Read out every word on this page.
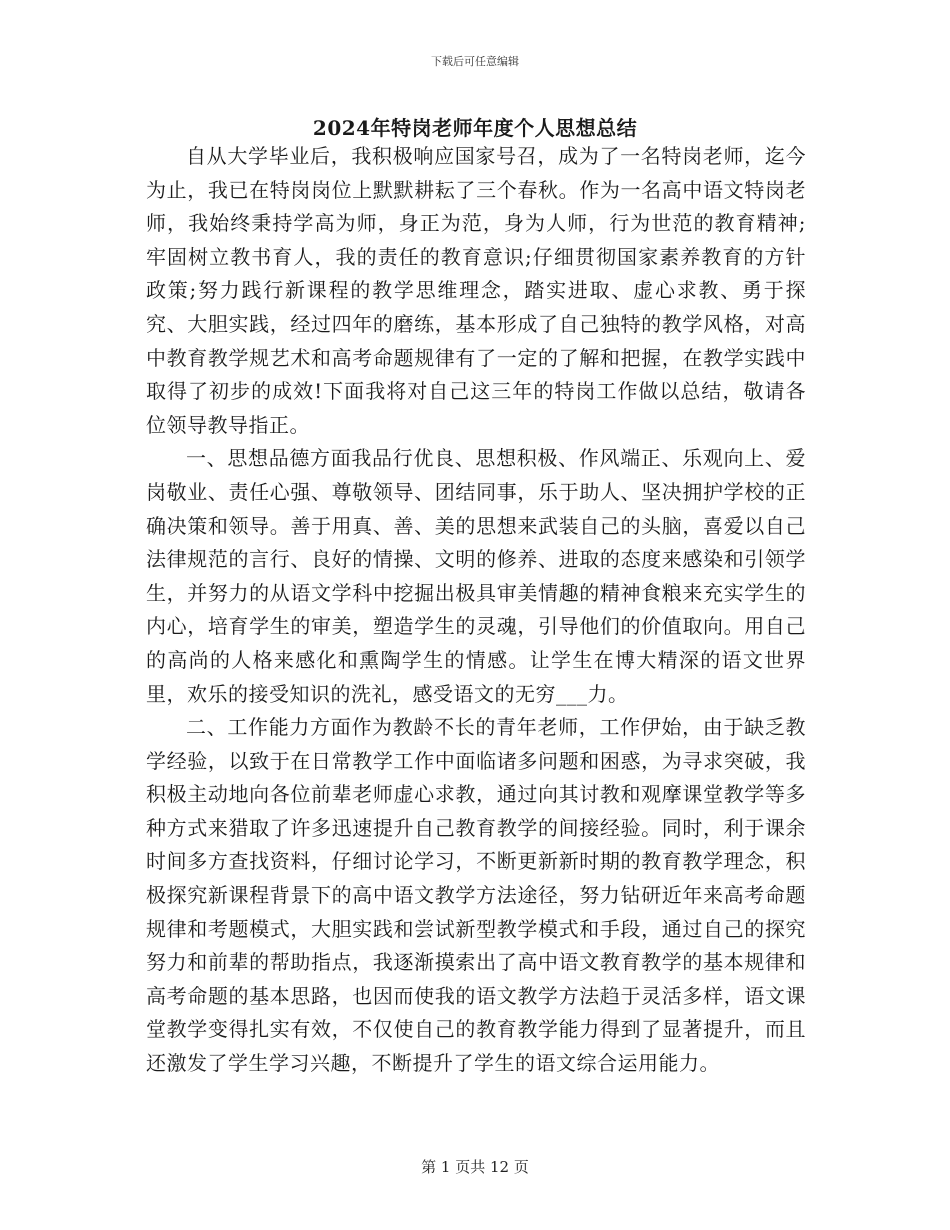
下载后可任意编辑
2024年特岗老师年度个人思想总结

自从大学毕业后，我积极响应国家号召，成为了一名特岗老师，迄今为止，我已在特岗岗位上默默耕耘了三个春秋。作为一名高中语文特岗老师，我始终秉持学高为师，身正为范，身为人师，行为世范的教育精神;牢固树立教书育人，我的责任的教育意识;仔细贯彻国家素养教育的方针政策;努力践行新课程的教学思维理念，踏实进取、虚心求教、勇于探究、大胆实践，经过四年的磨练，基本形成了自己独特的教学风格，对高中教育教学规艺术和高考命题规律有了一定的了解和把握，在教学实践中取得了初步的成效!下面我将对自己这三年的特岗工作做以总结，敬请各位领导教导指正。

一、思想品德方面我品行优良、思想积极、作风端正、乐观向上、爱岗敬业、责任心强、尊敬领导、团结同事，乐于助人、坚决拥护学校的正确决策和领导。善于用真、善、美的思想来武装自己的头脑，喜爱以自己法律规范的言行、良好的情操、文明的修养、进取的态度来感染和引领学生，并努力的从语文学科中挖掘出极具审美情趣的精神食粮来充实学生的内心，培育学生的审美，塑造学生的灵魂，引导他们的价值取向。用自己的高尚的人格来感化和熏陶学生的情感。让学生在博大精深的语文世界里，欢乐的接受知识的洗礼，感受语文的无穷___力。

二、工作能力方面作为教龄不长的青年老师，工作伊始，由于缺乏教学经验，以致于在日常教学工作中面临诸多问题和困惑，为寻求突破，我积极主动地向各位前辈老师虚心求教，通过向其讨教和观摩课堂教学等多种方式来猎取了许多迅速提升自己教育教学的间接经验。同时，利于课余时间多方查找资料，仔细讨论学习，不断更新新时期的教育教学理念，积极探究新课程背景下的高中语文教学方法途径，努力钻研近年来高考命题规律和考题模式，大胆实践和尝试新型教学模式和手段，通过自己的探究努力和前辈的帮助指点，我逐渐摸索出了高中语文教育教学的基本规律和高考命题的基本思路，也因而使我的语文教学方法趋于灵活多样，语文课堂教学变得扎实有效，不仅使自己的教育教学能力得到了显著提升，而且还激发了学生学习兴趣，不断提升了学生的语文综合运用能力。

第 1 页共 12 页
